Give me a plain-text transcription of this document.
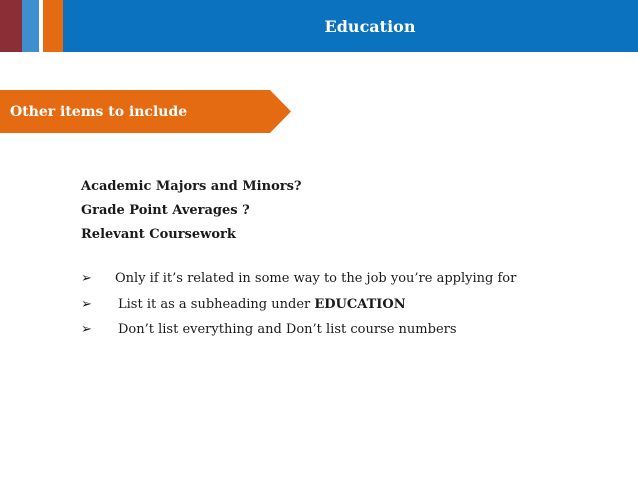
Education
Other items to include
Academic Majors and Minors?
Grade Point Averages ?
Relevant Coursework
➢ Only if it’s related in some way to the job you’re applying for
➢ List it as a subheading under EDUCATION
➢ Don’t list everything and Don’t list course numbers
